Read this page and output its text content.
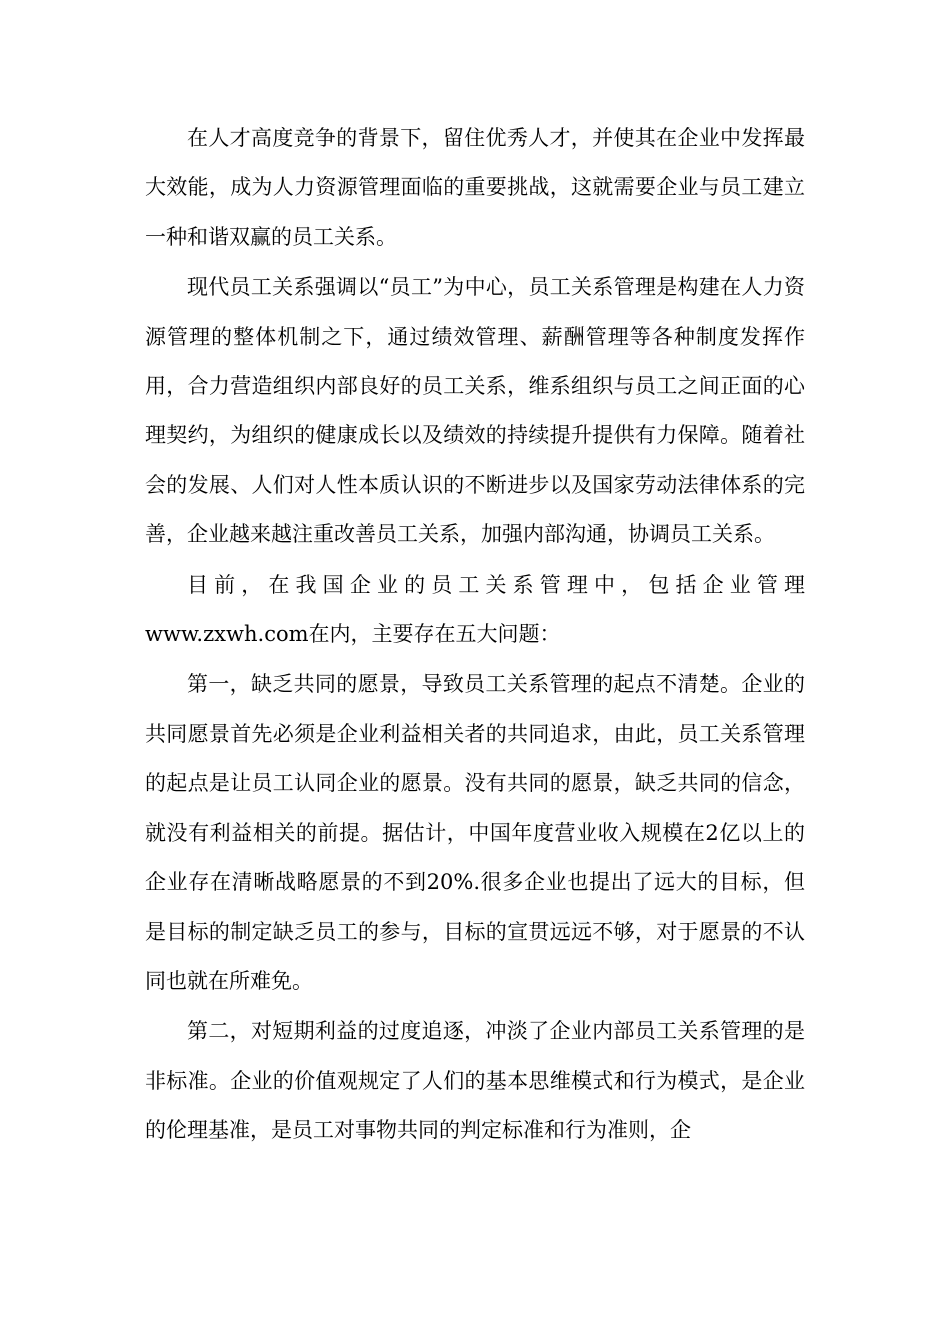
在人才高度竞争的背景下，留住优秀人才，并使其在企业中发挥最大效能，成为人力资源管理面临的重要挑战，这就需要企业与员工建立一种和谐双赢的员工关系。

现代员工关系强调以“员工”为中心，员工关系管理是构建在人力资源管理的整体机制之下，通过绩效管理、薪酬管理等各种制度发挥作用，合力营造组织内部良好的员工关系，维系组织与员工之间正面的心理契约，为组织的健康成长以及绩效的持续提升提供有力保障。随着社会的发展、人们对人性本质认识的不断进步以及国家劳动法律体系的完善，企业越来越注重改善员工关系，加强内部沟通，协调员工关系。

目前，在我国企业的员工关系管理中，包括企业管理www.zxwh.com在内，主要存在五大问题：

第一，缺乏共同的愿景，导致员工关系管理的起点不清楚。企业的共同愿景首先必须是企业利益相关者的共同追求，由此，员工关系管理的起点是让员工认同企业的愿景。没有共同的愿景，缺乏共同的信念，就没有利益相关的前提。据估计，中国年度营业收入规模在2亿以上的企业存在清晰战略愿景的不到20%.很多企业也提出了远大的目标，但是目标的制定缺乏员工的参与，目标的宣贯远远不够，对于愿景的不认同也就在所难免。

第二，对短期利益的过度追逐，冲淡了企业内部员工关系管理的是非标准。企业的价值观规定了人们的基本思维模式和行为模式，是企业的伦理基准，是员工对事物共同的判定标准和行为准则，企
